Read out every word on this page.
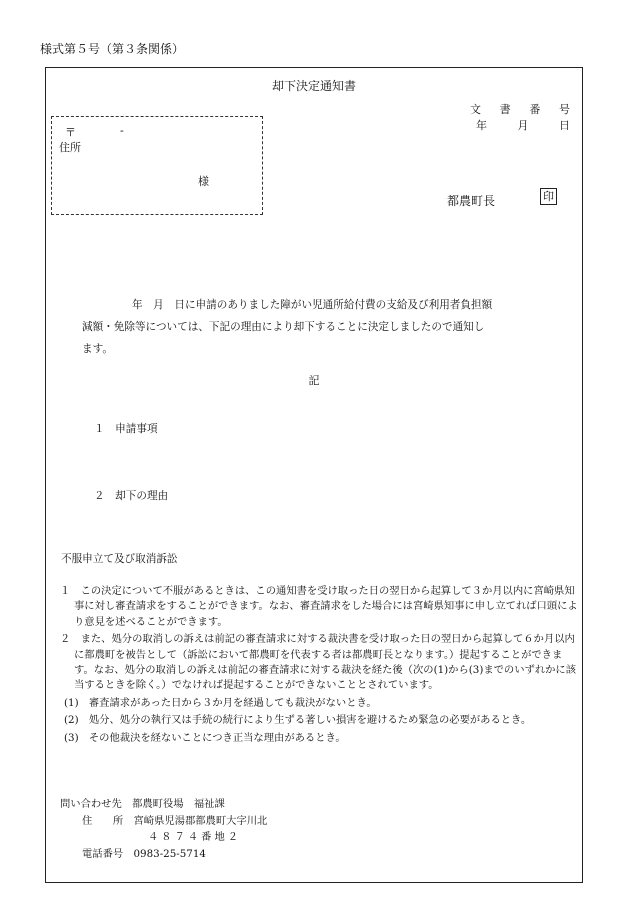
様式第５号（第３条関係）
却下決定通知書
文　書　番　号
年　　月　　日
〒	-
住所
様
都農町長	印
年　月　日に申請のありました障がい児通所給付費の支給及び利用者負担額
減額・免除等については、下記の理由により却下することに決定しましたので通知し
ます。
記
１　申請事項
２　却下の理由
不服申立て及び取消訴訟
１　この決定について不服があるときは、この通知書を受け取った日の翌日から起算して３か月以内に宮崎県知事に対し審査請求をすることができます。なお、審査請求をした場合には宮崎県知事に申し立てれば口頭により意見を述べることができます。
２　また、処分の取消しの訴えは前記の審査請求に対する裁決書を受け取った日の翌日から起算して６か月以内に都農町を被告として（訴訟において都農町を代表する者は都農町長となります。）提起することができます。なお、処分の取消しの訴えは前記の審査請求に対する裁決を経た後（次の(1)から(3)までのいずれかに該当するときを除く。）でなければ提起することができないこととされています。
(1)　審査請求があった日から３か月を経過しても裁決がないとき。
(2)　処分、処分の執行又は手続の続行により生ずる著しい損害を避けるため緊急の必要があるとき。
(3)　その他裁決を経ないことにつき正当な理由があるとき。
問い合わせ先　 都農町役場　福祉課
住　　所　 宮崎県児湯郡都農町大字川北
４８７４番地２
電話番号　 0983-25-5714
